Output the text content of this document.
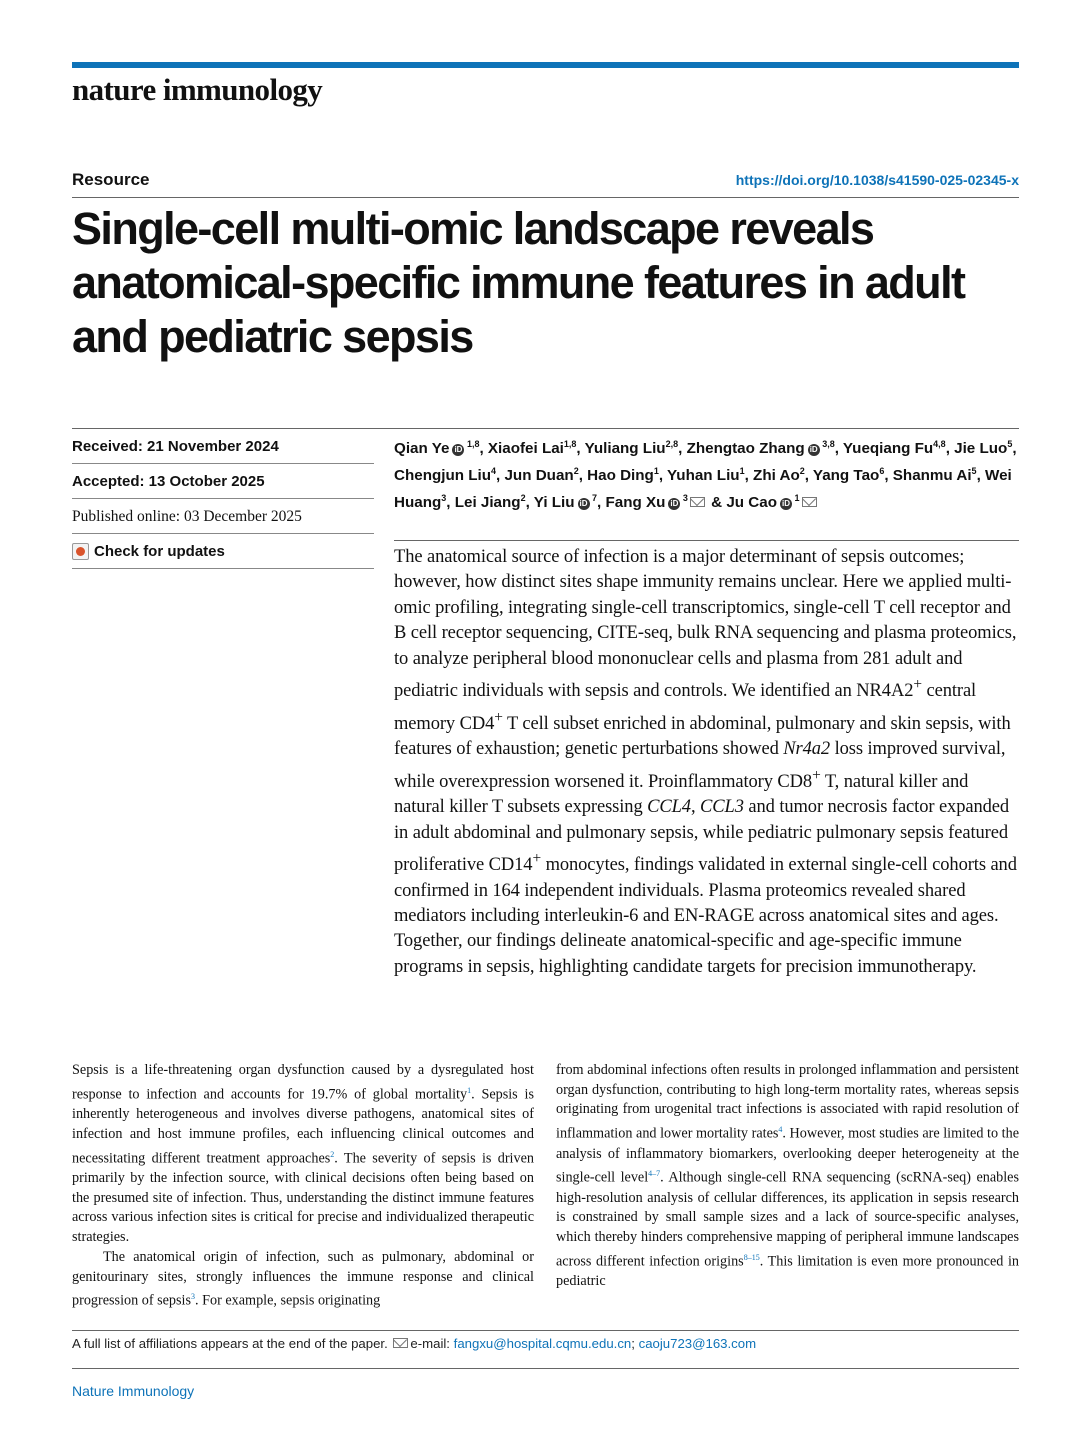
nature immunology
Resource	https://doi.org/10.1038/s41590-025-02345-x
Single-cell multi-omic landscape reveals anatomical-specific immune features in adult and pediatric sepsis
Received: 21 November 2024
Accepted: 13 October 2025
Published online: 03 December 2025
Check for updates
Qian Ye iD $^{1,8}$, Xiaofei Lai$^{1,8}$, Yuliang Liu$^{2,8}$, Zhengtao Zhang iD $^{3,8}$, Yueqiang Fu$^{4,8}$, Jie Luo$^5$, Chengjun Liu$^4$, Jun Duan$^2$, Hao Ding$^1$, Yuhan Liu$^1$, Zhi Ao$^2$, Yang Tao$^6$, Shanmu Ai$^5$, Wei Huang$^3$, Lei Jiang$^2$, Yi Liu iD $^7$, Fang Xu iD $^3$ & Ju Cao iD $^1$
The anatomical source of infection is a major determinant of sepsis outcomes; however, how distinct sites shape immunity remains unclear. Here we applied multi-omic profiling, integrating single-cell transcriptomics, single-cell T cell receptor and B cell receptor sequencing, CITE-seq, bulk RNA sequencing and plasma proteomics, to analyze peripheral blood mononuclear cells and plasma from 281 adult and pediatric individuals with sepsis and controls. We identified an NR4A2+ central memory CD4+ T cell subset enriched in abdominal, pulmonary and skin sepsis, with features of exhaustion; genetic perturbations showed Nr4a2 loss improved survival, while overexpression worsened it. Proinflammatory CD8+ T, natural killer and natural killer T subsets expressing CCL4, CCL3 and tumor necrosis factor expanded in adult abdominal and pulmonary sepsis, while pediatric pulmonary sepsis featured proliferative CD14+ monocytes, findings validated in external single-cell cohorts and confirmed in 164 independent individuals. Plasma proteomics revealed shared mediators including interleukin-6 and EN-RAGE across anatomical sites and ages. Together, our findings delineate anatomical-specific and age-specific immune programs in sepsis, highlighting candidate targets for precision immunotherapy.

Sepsis is a life-threatening organ dysfunction caused by a dysregulated host response to infection and accounts for 19.7% of global mortality$^1$. Sepsis is inherently heterogeneous and involves diverse pathogens, anatomical sites of infection and host immune profiles, each influencing clinical outcomes and necessitating different treatment approaches$^2$. The severity of sepsis is driven primarily by the infection source, with clinical decisions often being based on the presumed site of infection. Thus, understanding the distinct immune features across various infection sites is critical for precise and individualized therapeutic strategies.

The anatomical origin of infection, such as pulmonary, abdominal or genitourinary sites, strongly influences the immune response and clinical progression of sepsis$^3$. For example, sepsis originating

from abdominal infections often results in prolonged inflammation and persistent organ dysfunction, contributing to high long-term mortality rates, whereas sepsis originating from urogenital tract infections is associated with rapid resolution of inflammation and lower mortality rates$^4$. However, most studies are limited to the analysis of inflammatory biomarkers, overlooking deeper heterogeneity at the single-cell level$^{4-7}$. Although single-cell RNA sequencing (scRNA-seq) enables high-resolution analysis of cellular differences, its application in sepsis research is constrained by small sample sizes and a lack of source-specific analyses, which thereby hinders comprehensive mapping of peripheral immune landscapes across different infection origins$^{8-15}$. This limitation is even more pronounced in pediatric

A full list of affiliations appears at the end of the paper. e-mail: fangxu@hospital.cqmu.edu.cn; caoju723@163.com
Nature Immunology
